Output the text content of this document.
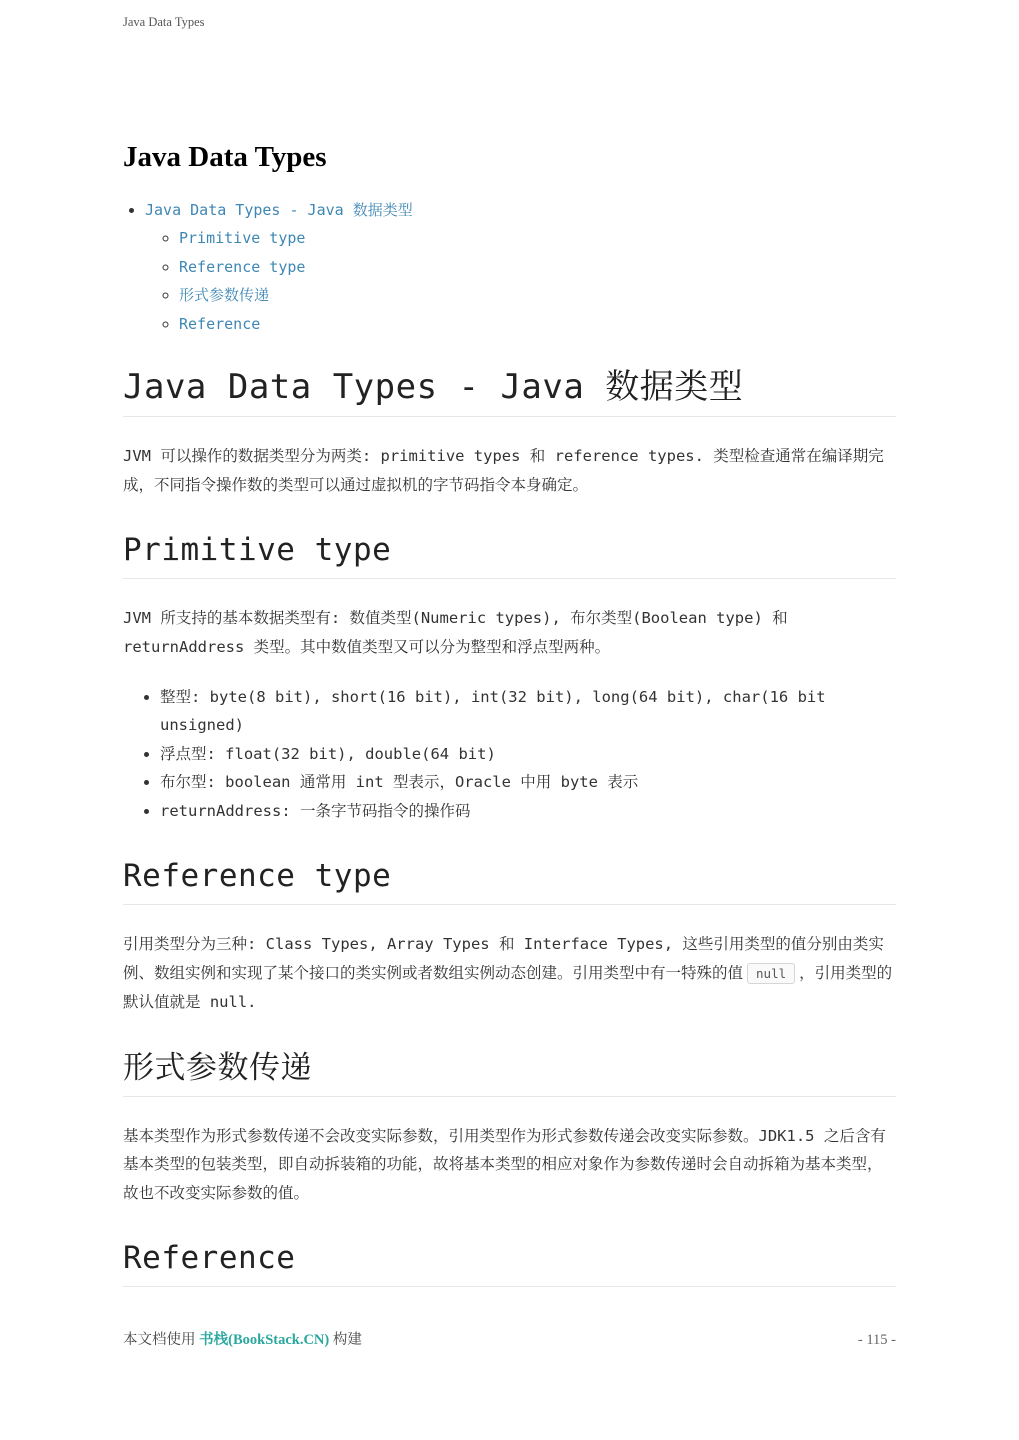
Java Data Types
Java Data Types
• Java Data Types - Java 数据类型
◦ Primitive type
◦ Reference type
◦ 形式参数传递
◦ Reference
Java Data Types - Java 数据类型

JVM 可以操作的数据类型分为两类: primitive types 和 reference types. 类型检查通常在编译期完成，不同指令操作数的类型可以通过虚拟机的字节码指令本身确定。

Primitive type

JVM 所支持的基本数据类型有: 数值类型(Numeric types), 布尔类型(Boolean type) 和 returnAddress 类型。其中数值类型又可以分为整型和浮点型两种。

• 整型: byte(8 bit), short(16 bit), int(32 bit), long(64 bit), char(16 bit unsigned)
• 浮点型: float(32 bit), double(64 bit)
• 布尔型: boolean 通常用 int 型表示，Oracle 中用 byte 表示
• returnAddress: 一条字节码指令的操作码
Reference type

引用类型分为三种: Class Types, Array Types 和 Interface Types, 这些引用类型的值分别由类实例、数组实例和实现了某个接口的类实例或者数组实例动态创建。引用类型中有一特殊的值 null ，引用类型的默认值就是 null.

形式参数传递

基本类型作为形式参数传递不会改变实际参数，引用类型作为形式参数传递会改变实际参数。JDK1.5 之后含有基本类型的包装类型，即自动拆装箱的功能，故将基本类型的相应对象作为参数传递时会自动拆箱为基本类型，故也不改变实际参数的值。

Reference
本文档使用 书栈(BookStack.CN) 构建	- 115 -
